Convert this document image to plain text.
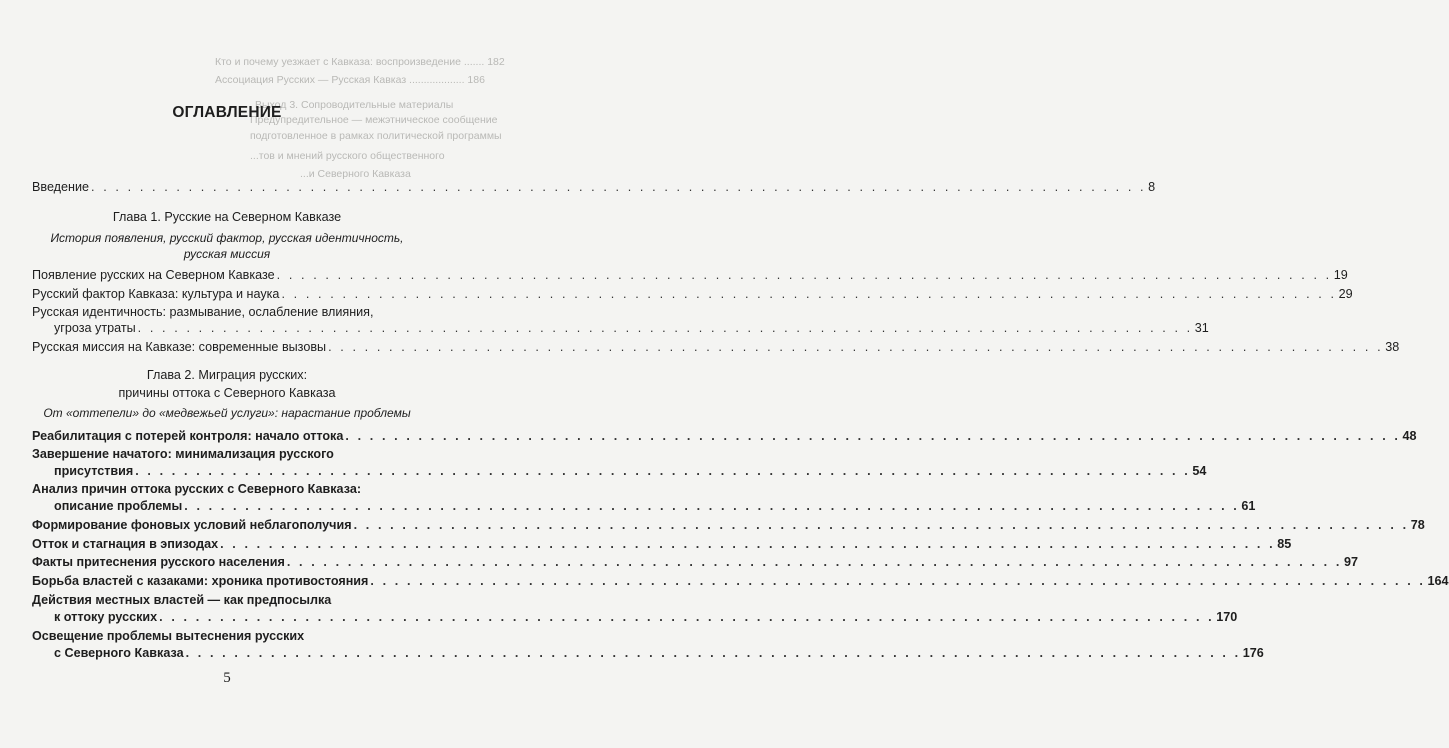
Кто и почему уезжает с Кавказа: воспроизведение ....... 182
Ассоциация Русских — Русская Кавказ ................... 186
Выход 3. Сопроводительные материалы
Предупредительное — межэтническое сообщение
подготовленное в рамках политической программы
...тов и мнений русского общественного
...и Северного Кавказа
ОГЛАВЛЕНИЕ
Введение . . .	8
Глава 1. Русские на Северном Кавказе
История появления, русский фактор, русская идентичность,
русская миссия
Появление русских на Северном Кавказе . . .	19
Русский фактор Кавказа: культура и наука . . .	29
Русская идентичность: размывание, ослабление влияния,
угроза утраты . . .	31
Русская миссия на Кавказе: современные вызовы . . .	38
Глава 2. Миграция русских:
причины оттока с Северного Кавказа
От «оттепели» до «медвежьей услуги»: нарастание проблемы
Реабилитация с потерей контроля: начало оттока . . .	48
Завершение начатого: минимализация русского
присутствия . . .	54
Анализ причин оттока русских с Северного Кавказа:
описание проблемы . . .	61
Формирование фоновых условий неблагополучия . . .	78
Отток и стагнация в эпизодах . . .	85
Факты притеснения русского населения . . .	97
Борьба властей с казаками: хроника противостояния . . .	164
Действия местных властей — как предпосылка
к оттоку русских . . .	170
Освещение проблемы вытеснения русских
с Северного Кавказа . . .	176
5
